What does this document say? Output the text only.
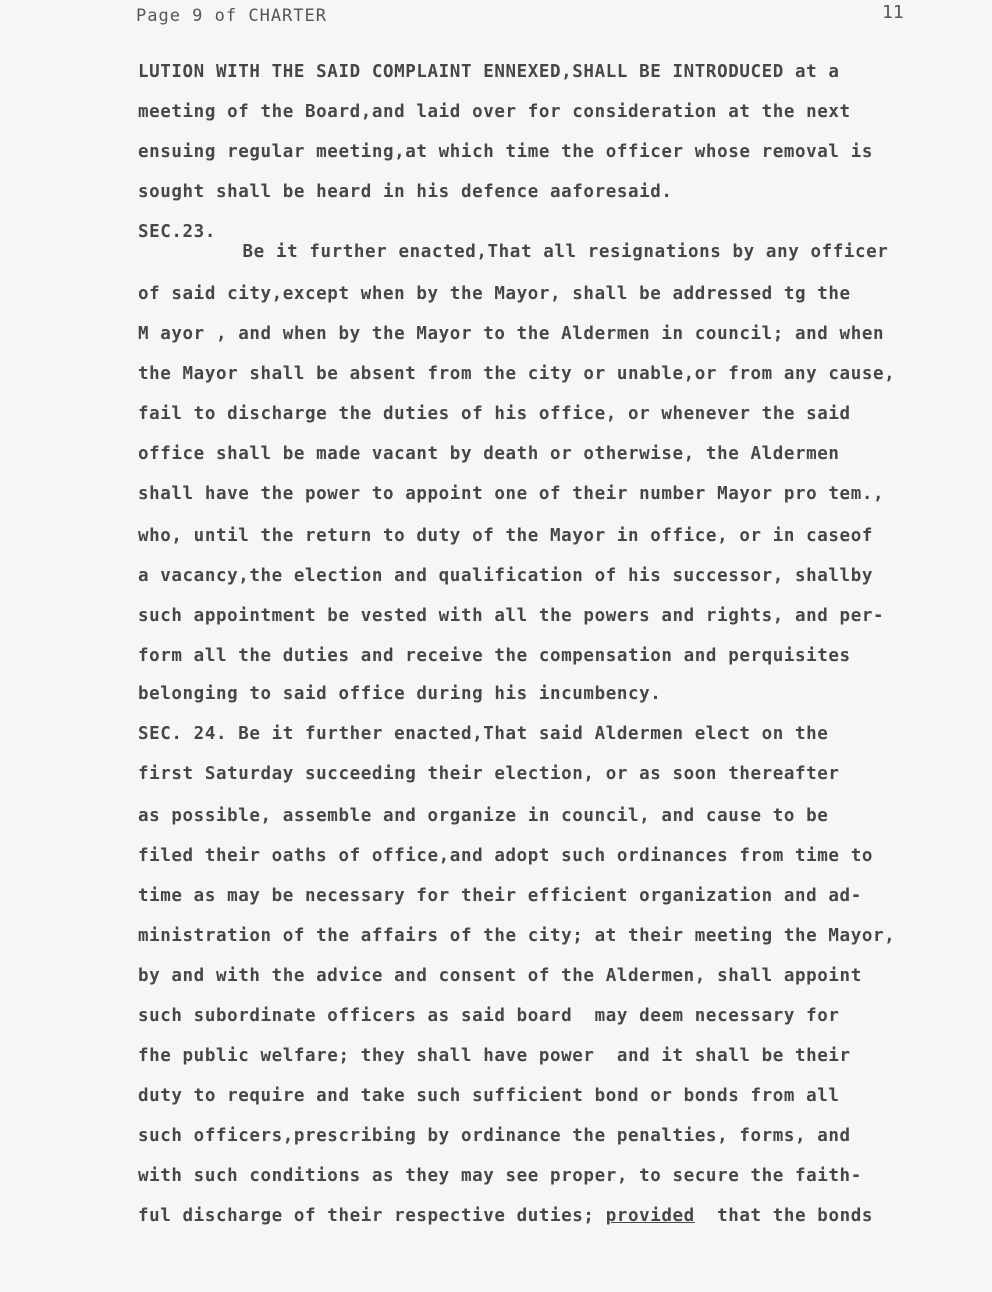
Page 9 of CHARTER	11
SEC.23.
LUTION WITH THE SAID COMPLAINT ENNEXED,SHALL BE INTRODUCED at a
meeting of the Board,and laid over for consideration at the next
ensuing regular meeting,at which time the officer whose removal is
sought shall be heard in his defence aaforesaid.
Be it further enacted,That all resignations by any officer
of said city,except when by the Mayor, shall be addressed tg the
M ayor , and when by the Mayor to the Aldermen in council; and when
the Mayor shall be absent from the city or unable,or from any cause,
fail to discharge the duties of his office, or whenever the said
office shall be made vacant by death or otherwise, the Aldermen
shall have the power to appoint one of their number Mayor pro tem.,
who, until the return to duty of the Mayor in office, or in caseof
a vacancy,the election and qualification of his successor, shallby
such appointment be vested with all the powers and rights, and per-
form all the duties and receive the compensation and perquisites
belonging to said office during his incumbency.
SEC. 24. Be it further enacted,That said Aldermen elect on the
first Saturday succeeding their election, or as soon thereafter
as possible, assemble and organize in council, and cause to be
filed their oaths of office,and adopt such ordinances from time to
time as may be necessary for their efficient organization and ad-
ministration of the affairs of the city; at their meeting the Mayor,
by and with the advice and consent of the Aldermen, shall appoint
such subordinate officers as said board  may deem necessary for
fhe public welfare; they shall have power  and it shall be their
duty to require and take such sufficient bond or bonds from all
such officers,prescribing by ordinance the penalties, forms, and
with such conditions as they may see proper, to secure the faith-
ful discharge of their respective duties; provided  that the bonds
